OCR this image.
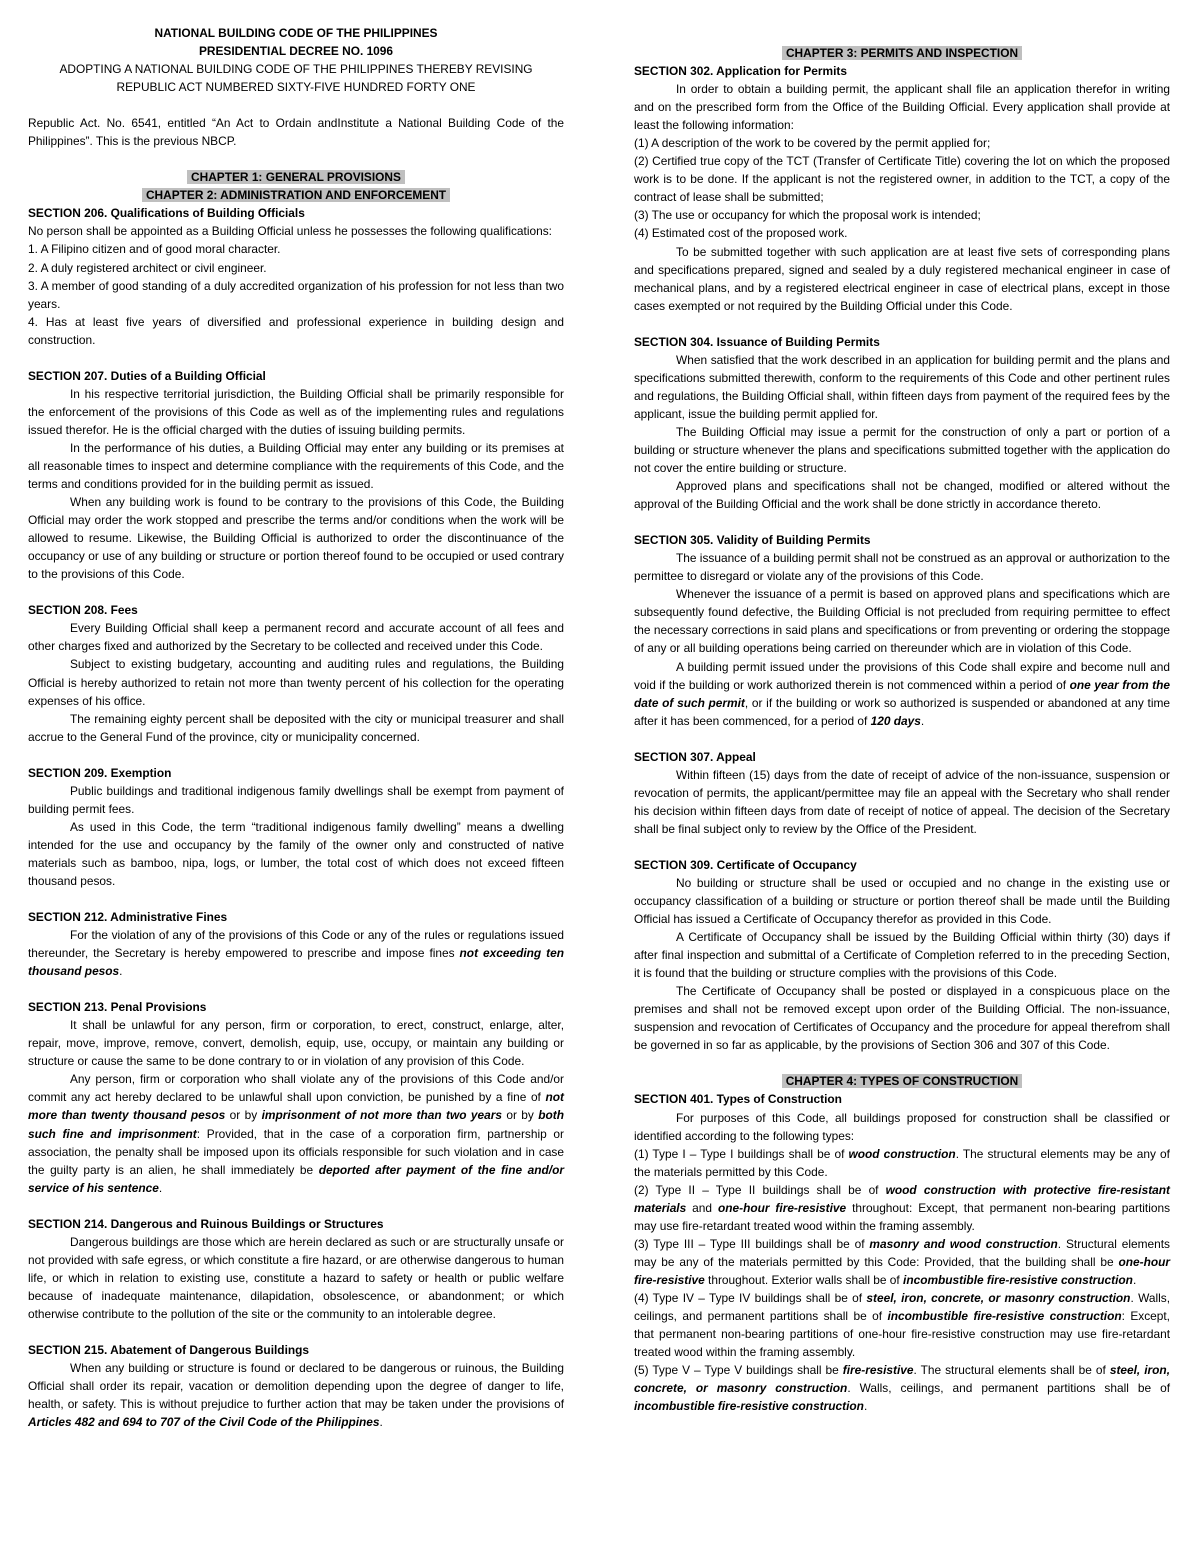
NATIONAL BUILDING CODE OF THE PHILIPPINES
PRESIDENTIAL DECREE NO. 1096
ADOPTING A NATIONAL BUILDING CODE OF THE PHILIPPINES THEREBY REVISING
REPUBLIC ACT NUMBERED SIXTY-FIVE HUNDRED FORTY ONE

Republic Act. No. 6541, entitled “An Act to Ordain andInstitute a National Building Code of the Philippines”. This is the previous NBCP.

CHAPTER 1: GENERAL PROVISIONS
CHAPTER 2: ADMINISTRATION AND ENFORCEMENT
SECTION 206. Qualifications of Building Officials

No person shall be appointed as a Building Official unless he possesses the following qualifications:

1. A Filipino citizen and of good moral character.

2. A duly registered architect or civil engineer.

3. A member of good standing of a duly accredited organization of his profession for not less than two years.

4. Has at least five years of diversified and professional experience in building design and construction.

SECTION 207. Duties of a Building Official

In his respective territorial jurisdiction, the Building Official shall be primarily responsible for the enforcement of the provisions of this Code as well as of the implementing rules and regulations issued therefor. He is the official charged with the duties of issuing building permits.

In the performance of his duties, a Building Official may enter any building or its premises at all reasonable times to inspect and determine compliance with the requirements of this Code, and the terms and conditions provided for in the building permit as issued.

When any building work is found to be contrary to the provisions of this Code, the Building Official may order the work stopped and prescribe the terms and/or conditions when the work will be allowed to resume. Likewise, the Building Official is authorized to order the discontinuance of the occupancy or use of any building or structure or portion thereof found to be occupied or used contrary to the provisions of this Code.

SECTION 208. Fees

Every Building Official shall keep a permanent record and accurate account of all fees and other charges fixed and authorized by the Secretary to be collected and received under this Code.

Subject to existing budgetary, accounting and auditing rules and regulations, the Building Official is hereby authorized to retain not more than twenty percent of his collection for the operating expenses of his office.

The remaining eighty percent shall be deposited with the city or municipal treasurer and shall accrue to the General Fund of the province, city or municipality concerned.

SECTION 209. Exemption

Public buildings and traditional indigenous family dwellings shall be exempt from payment of building permit fees.

As used in this Code, the term “traditional indigenous family dwelling” means a dwelling intended for the use and occupancy by the family of the owner only and constructed of native materials such as bamboo, nipa, logs, or lumber, the total cost of which does not exceed fifteen thousand pesos.

SECTION 212. Administrative Fines

For the violation of any of the provisions of this Code or any of the rules or regulations issued thereunder, the Secretary is hereby empowered to prescribe and impose fines not exceeding ten thousand pesos.

SECTION 213. Penal Provisions

It shall be unlawful for any person, firm or corporation, to erect, construct, enlarge, alter, repair, move, improve, remove, convert, demolish, equip, use, occupy, or maintain any building or structure or cause the same to be done contrary to or in violation of any provision of this Code.

Any person, firm or corporation who shall violate any of the provisions of this Code and/or commit any act hereby declared to be unlawful shall upon conviction, be punished by a fine of not more than twenty thousand pesos or by imprisonment of not more than two years or by both such fine and imprisonment: Provided, that in the case of a corporation firm, partnership or association, the penalty shall be imposed upon its officials responsible for such violation and in case the guilty party is an alien, he shall immediately be deported after payment of the fine and/or service of his sentence.

SECTION 214. Dangerous and Ruinous Buildings or Structures

Dangerous buildings are those which are herein declared as such or are structurally unsafe or not provided with safe egress, or which constitute a fire hazard, or are otherwise dangerous to human life, or which in relation to existing use, constitute a hazard to safety or health or public welfare because of inadequate maintenance, dilapidation, obsolescence, or abandonment; or which otherwise contribute to the pollution of the site or the community to an intolerable degree.

SECTION 215. Abatement of Dangerous Buildings

When any building or structure is found or declared to be dangerous or ruinous, the Building Official shall order its repair, vacation or demolition depending upon the degree of danger to life, health, or safety. This is without prejudice to further action that may be taken under the provisions of Articles 482 and 694 to 707 of the Civil Code of the Philippines.

CHAPTER 3: PERMITS AND INSPECTION
SECTION 302. Application for Permits

In order to obtain a building permit, the applicant shall file an application therefor in writing and on the prescribed form from the Office of the Building Official. Every application shall provide at least the following information:

(1) A description of the work to be covered by the permit applied for;

(2) Certified true copy of the TCT (Transfer of Certificate Title) covering the lot on which the proposed work is to be done. If the applicant is not the registered owner, in addition to the TCT, a copy of the contract of lease shall be submitted;

(3) The use or occupancy for which the proposal work is intended;

(4) Estimated cost of the proposed work.

To be submitted together with such application are at least five sets of corresponding plans and specifications prepared, signed and sealed by a duly registered mechanical engineer in case of mechanical plans, and by a registered electrical engineer in case of electrical plans, except in those cases exempted or not required by the Building Official under this Code.

SECTION 304. Issuance of Building Permits

When satisfied that the work described in an application for building permit and the plans and specifications submitted therewith, conform to the requirements of this Code and other pertinent rules and regulations, the Building Official shall, within fifteen days from payment of the required fees by the applicant, issue the building permit applied for.

The Building Official may issue a permit for the construction of only a part or portion of a building or structure whenever the plans and specifications submitted together with the application do not cover the entire building or structure.

Approved plans and specifications shall not be changed, modified or altered without the approval of the Building Official and the work shall be done strictly in accordance thereto.

SECTION 305. Validity of Building Permits

The issuance of a building permit shall not be construed as an approval or authorization to the permittee to disregard or violate any of the provisions of this Code.

Whenever the issuance of a permit is based on approved plans and specifications which are subsequently found defective, the Building Official is not precluded from requiring permittee to effect the necessary corrections in said plans and specifications or from preventing or ordering the stoppage of any or all building operations being carried on thereunder which are in violation of this Code.

A building permit issued under the provisions of this Code shall expire and become null and void if the building or work authorized therein is not commenced within a period of one year from the date of such permit, or if the building or work so authorized is suspended or abandoned at any time after it has been commenced, for a period of 120 days.

SECTION 307. Appeal

Within fifteen (15) days from the date of receipt of advice of the non-issuance, suspension or revocation of permits, the applicant/permittee may file an appeal with the Secretary who shall render his decision within fifteen days from date of receipt of notice of appeal. The decision of the Secretary shall be final subject only to review by the Office of the President.

SECTION 309. Certificate of Occupancy

No building or structure shall be used or occupied and no change in the existing use or occupancy classification of a building or structure or portion thereof shall be made until the Building Official has issued a Certificate of Occupancy therefor as provided in this Code.

A Certificate of Occupancy shall be issued by the Building Official within thirty (30) days if after final inspection and submittal of a Certificate of Completion referred to in the preceding Section, it is found that the building or structure complies with the provisions of this Code.

The Certificate of Occupancy shall be posted or displayed in a conspicuous place on the premises and shall not be removed except upon order of the Building Official. The non-issuance, suspension and revocation of Certificates of Occupancy and the procedure for appeal therefrom shall be governed in so far as applicable, by the provisions of Section 306 and 307 of this Code.

CHAPTER 4: TYPES OF CONSTRUCTION
SECTION 401. Types of Construction

For purposes of this Code, all buildings proposed for construction shall be classified or identified according to the following types:

(1) Type I – Type I buildings shall be of wood construction. The structural elements may be any of the materials permitted by this Code.

(2) Type II – Type II buildings shall be of wood construction with protective fire-resistant materials and one-hour fire-resistive throughout: Except, that permanent non-bearing partitions may use fire-retardant treated wood within the framing assembly.

(3) Type III – Type III buildings shall be of masonry and wood construction. Structural elements may be any of the materials permitted by this Code: Provided, that the building shall be one-hour fire-resistive throughout. Exterior walls shall be of incombustible fire-resistive construction.

(4) Type IV – Type IV buildings shall be of steel, iron, concrete, or masonry construction. Walls, ceilings, and permanent partitions shall be of incombustible fire-resistive construction: Except, that permanent non-bearing partitions of one-hour fire-resistive construction may use fire-retardant treated wood within the framing assembly.

(5) Type V – Type V buildings shall be fire-resistive. The structural elements shall be of steel, iron, concrete, or masonry construction. Walls, ceilings, and permanent partitions shall be of incombustible fire-resistive construction.
